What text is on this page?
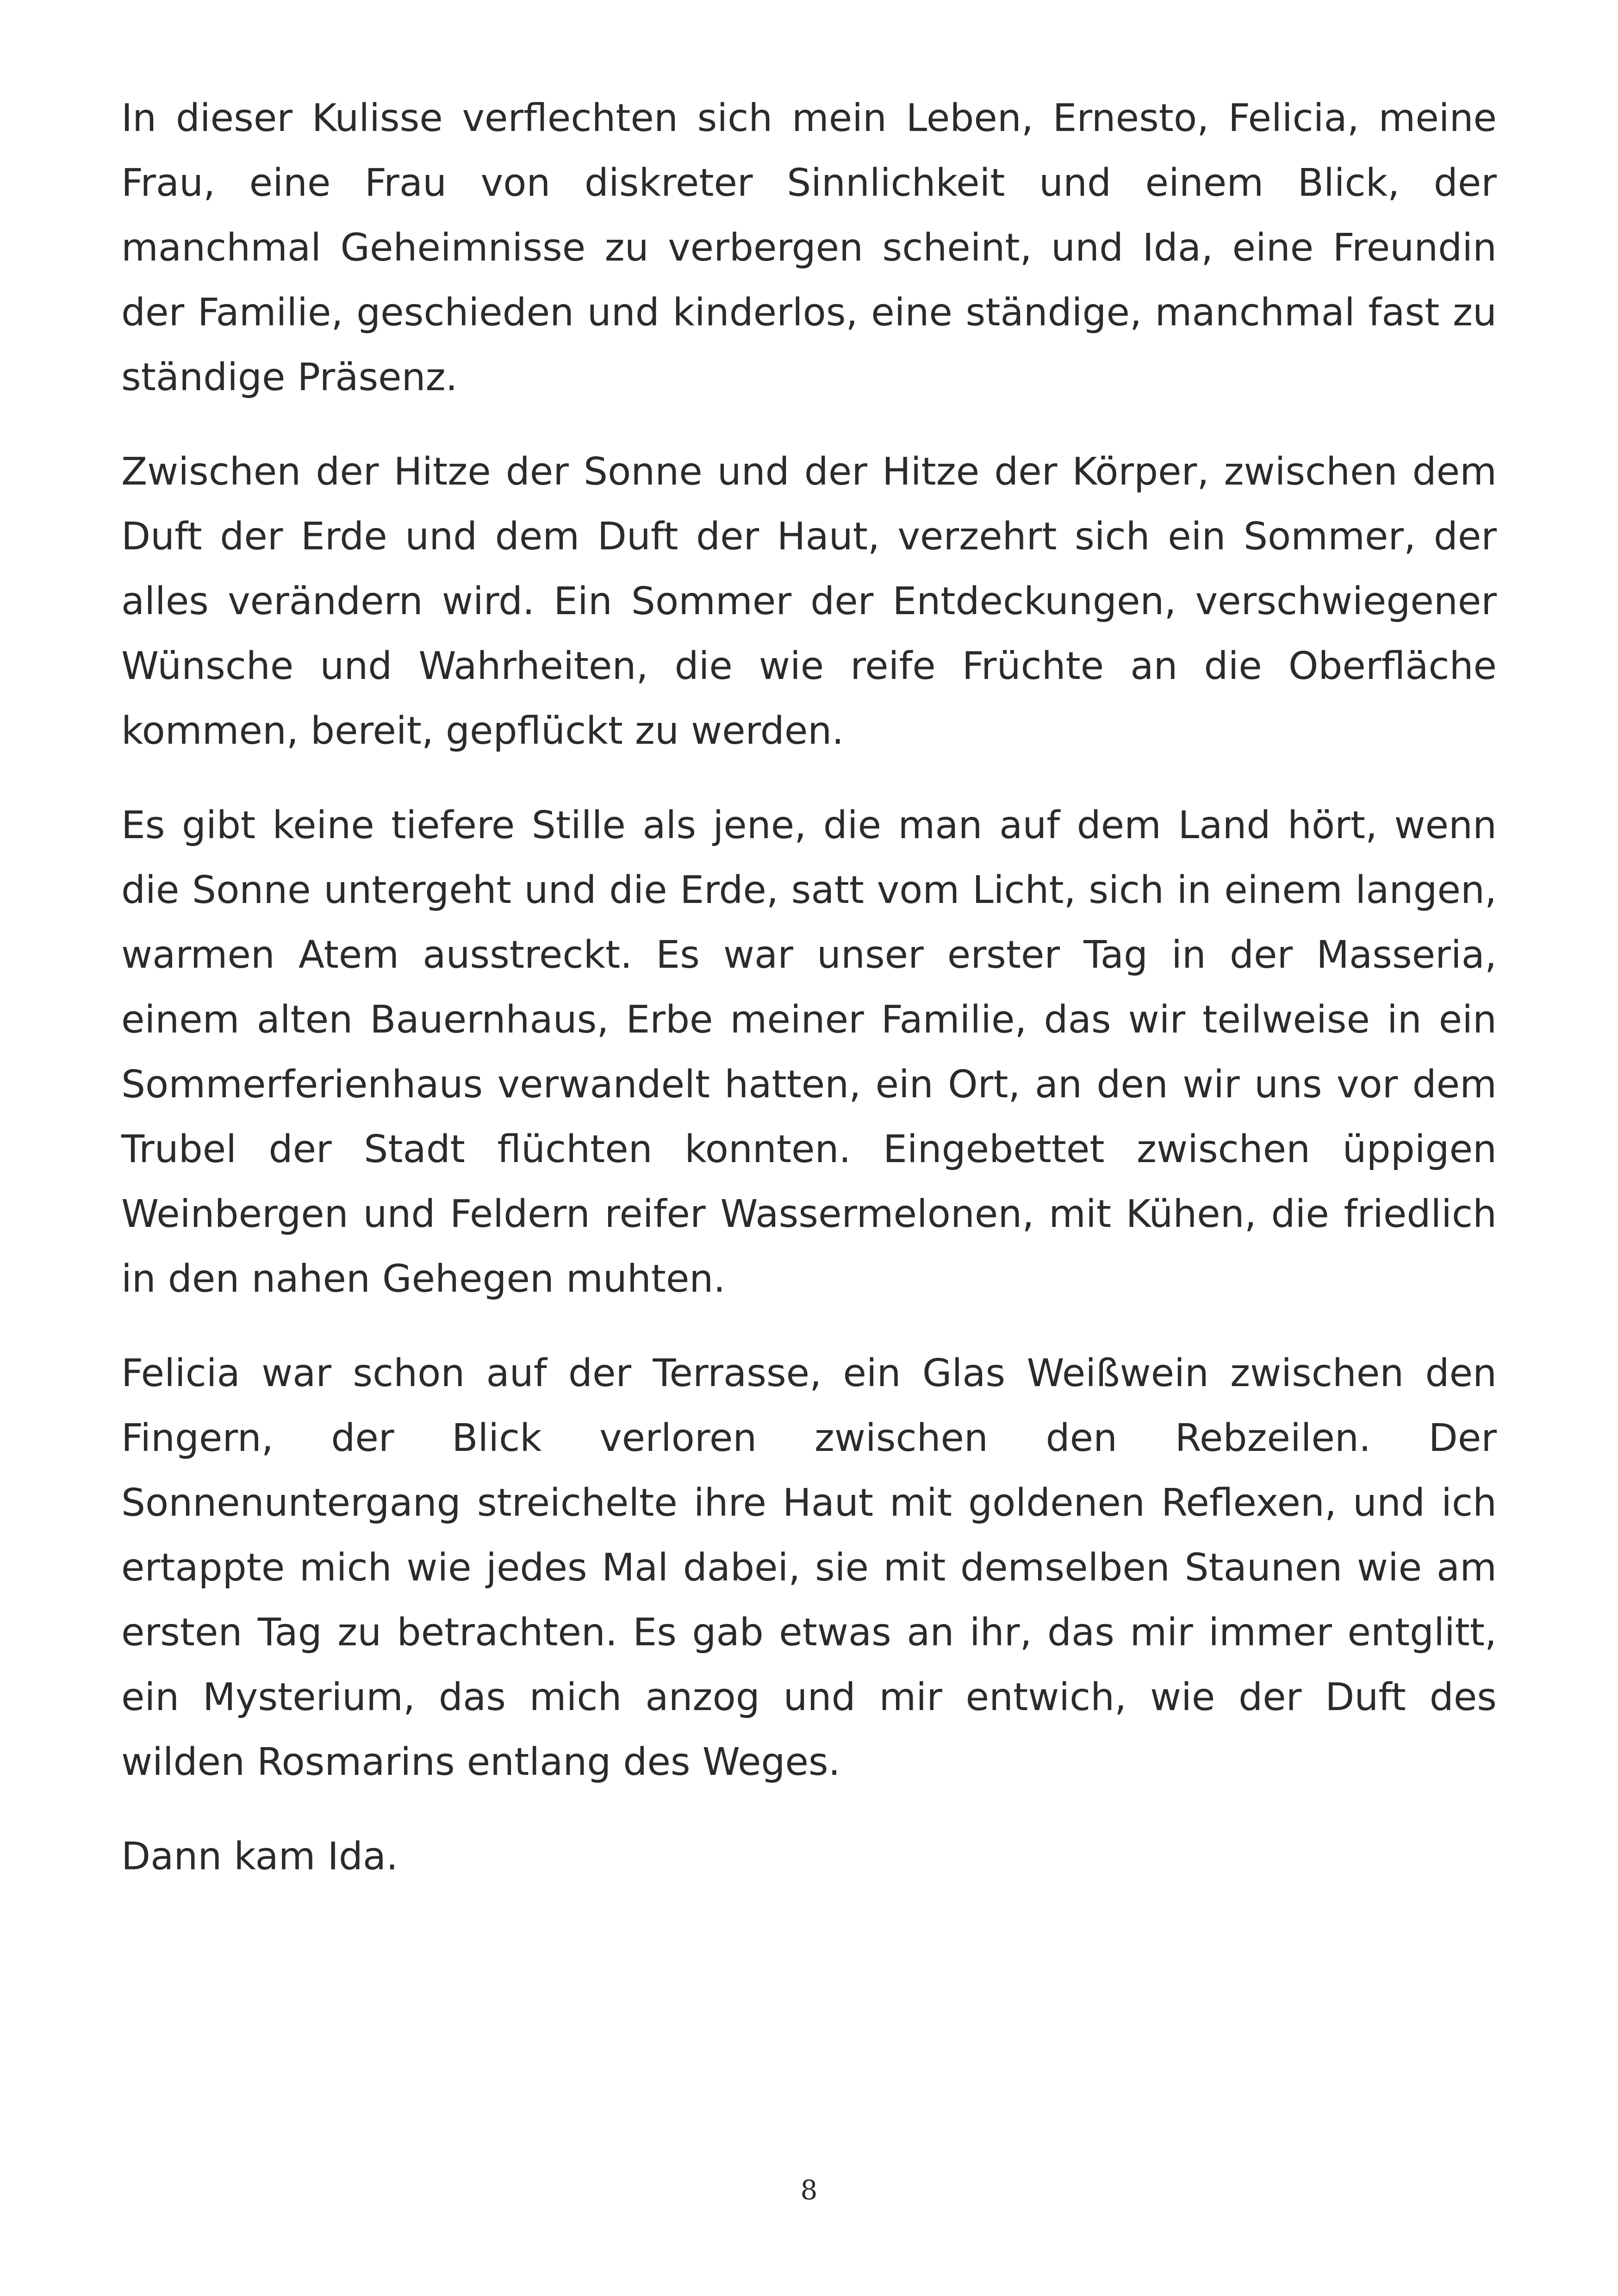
In dieser Kulisse verflechten sich mein Leben, Ernesto, Felicia, meine Frau, eine Frau von diskreter Sinnlichkeit und einem Blick, der manchmal Geheimnisse zu verbergen scheint, und Ida, eine Freundin der Familie, geschieden und kinderlos, eine ständige, manchmal fast zu ständige Präsenz.

Zwischen der Hitze der Sonne und der Hitze der Körper, zwischen dem Duft der Erde und dem Duft der Haut, verzehrt sich ein Sommer, der alles verändern wird. Ein Sommer der Entdeckungen, verschwiegener Wünsche und Wahrheiten, die wie reife Früchte an die Oberfläche kommen, bereit, gepflückt zu werden.

Es gibt keine tiefere Stille als jene, die man auf dem Land hört, wenn die Sonne untergeht und die Erde, satt vom Licht, sich in einem langen, warmen Atem ausstreckt. Es war unser erster Tag in der Masseria, einem alten Bauernhaus, Erbe meiner Familie, das wir teilweise in ein Sommerferienhaus verwandelt hatten, ein Ort, an den wir uns vor dem Trubel der Stadt flüchten konnten. Eingebettet zwischen üppigen Weinbergen und Feldern reifer Wassermelonen, mit Kühen, die friedlich in den nahen Gehegen muhten.

Felicia war schon auf der Terrasse, ein Glas Weißwein zwischen den Fingern, der Blick verloren zwischen den Rebzeilen. Der Sonnenuntergang streichelte ihre Haut mit goldenen Reflexen, und ich ertappte mich wie jedes Mal dabei, sie mit demselben Staunen wie am ersten Tag zu betrachten. Es gab etwas an ihr, das mir immer entglitt, ein Mysterium, das mich anzog und mir entwich, wie der Duft des wilden Rosmarins entlang des Weges.

Dann kam Ida.

8
